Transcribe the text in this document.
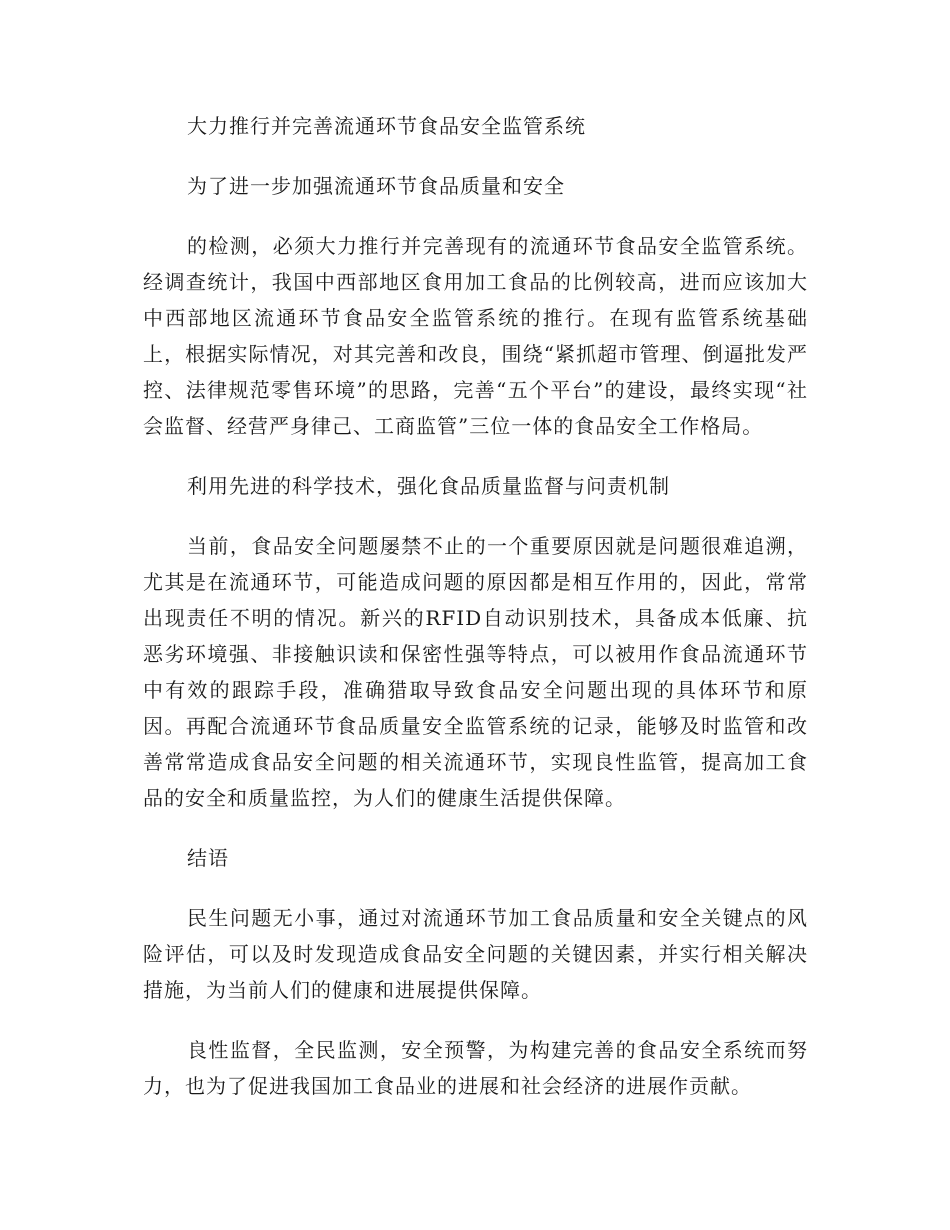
大力推行并完善流通环节食品安全监管系统

为了进一步加强流通环节食品质量和安全

的检测，必须大力推行并完善现有的流通环节食品安全监管系统。经调查统计，我国中西部地区食用加工食品的比例较高，进而应该加大中西部地区流通环节食品安全监管系统的推行。在现有监管系统基础上，根据实际情况，对其完善和改良，围绕“紧抓超市管理、倒逼批发严控、法律规范零售环境”的思路，完善“五个平台”的建设，最终实现“社会监督、经营严身律己、工商监管”三位一体的食品安全工作格局。

利用先进的科学技术，强化食品质量监督与问责机制

当前，食品安全问题屡禁不止的一个重要原因就是问题很难追溯，尤其是在流通环节，可能造成问题的原因都是相互作用的，因此，常常出现责任不明的情况。新兴的RFID自动识别技术，具备成本低廉、抗恶劣环境强、非接触识读和保密性强等特点，可以被用作食品流通环节中有效的跟踪手段，准确猎取导致食品安全问题出现的具体环节和原因。再配合流通环节食品质量安全监管系统的记录，能够及时监管和改善常常造成食品安全问题的相关流通环节，实现良性监管，提高加工食品的安全和质量监控，为人们的健康生活提供保障。

结语

民生问题无小事，通过对流通环节加工食品质量和安全关键点的风险评估，可以及时发现造成食品安全问题的关键因素，并实行相关解决措施，为当前人们的健康和进展提供保障。

良性监督，全民监测，安全预警，为构建完善的食品安全系统而努力，也为了促进我国加工食品业的进展和社会经济的进展作贡献。
